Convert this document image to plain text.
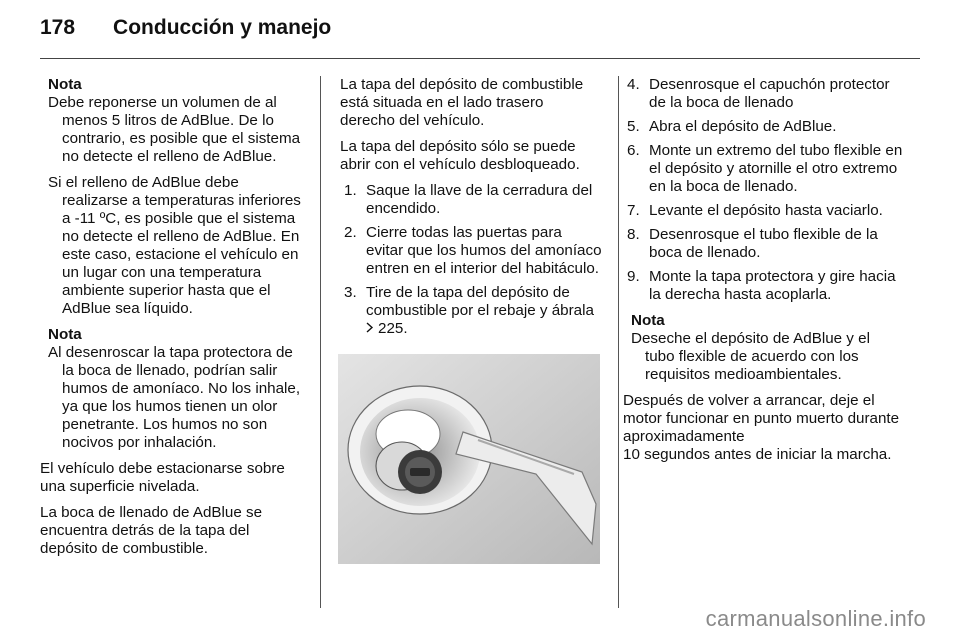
178 Conducción y manejo

Nota

Debe reponerse un volumen de al menos 5 litros de AdBlue. De lo contrario, es posible que el sistema no detecte el relleno de AdBlue.

Si el relleno de AdBlue debe realizarse a temperaturas inferiores a -11 ºC, es posible que el sistema no detecte el relleno de AdBlue. En este caso, estacione el vehículo en un lugar con una temperatura ambiente superior hasta que el AdBlue sea líquido.

Nota

Al desenroscar la tapa protectora de la boca de llenado, podrían salir humos de amoníaco. No los inhale, ya que los humos tienen un olor penetrante. Los humos no son nocivos por inhalación.

El vehículo debe estacionarse sobre una superficie nivelada.

La boca de llenado de AdBlue se encuentra detrás de la tapa del depósito de combustible.

La tapa del depósito de combustible está situada en el lado trasero derecho del vehículo.

La tapa del depósito sólo se puede abrir con el vehículo desbloqueado.

1. Saque la llave de la cerradura del encendido.
2. Cierre todas las puertas para evitar que los humos del amoníaco entren en el interior del habitáculo.
3. Tire de la tapa del depósito de combustible por el rebaje y ábrala
225.
4. Desenrosque el capuchón protector de la boca de llenado
5. Abra el depósito de AdBlue.
6. Monte un extremo del tubo flexible en el depósito y atornille el otro extremo en la boca de llenado.
7. Levante el depósito hasta vaciarlo.
8. Desenrosque el tubo flexible de la boca de llenado.
9. Monte la tapa protectora y gire hacia la derecha hasta acoplarla.

Nota

Deseche el depósito de AdBlue y el tubo flexible de acuerdo con los requisitos medioambientales.

Después de volver a arrancar, deje el motor funcionar en punto muerto durante aproximadamente

10 segundos antes de iniciar la marcha.

carmanualsonline.info
